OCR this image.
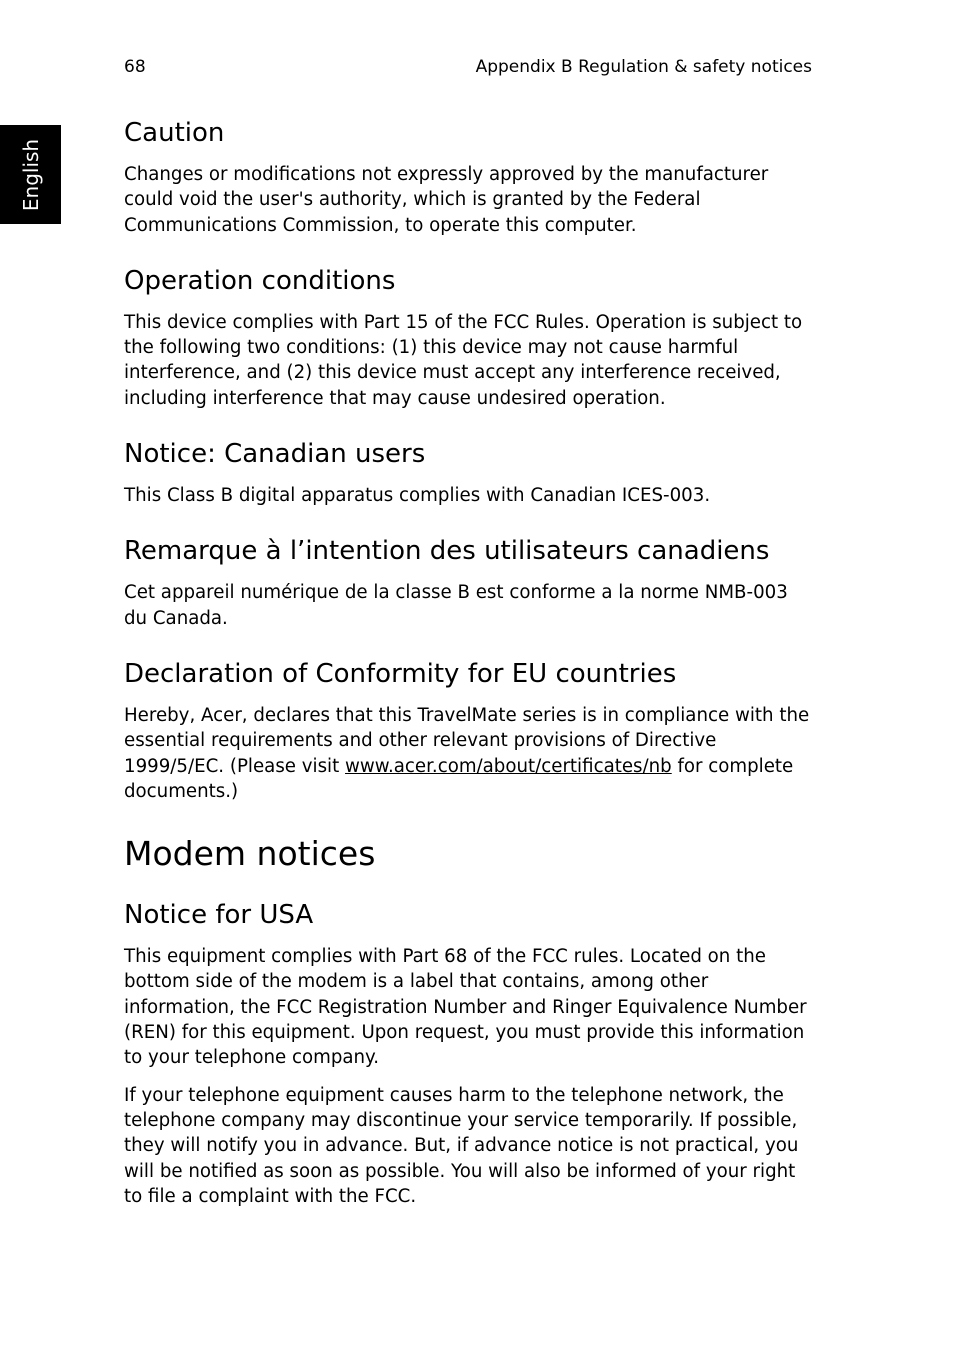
English
68	Appendix B Regulation & safety notices
Caution

Changes or modifications not expressly approved by the manufacturer could void the user's authority, which is granted by the Federal Communications Commission, to operate this computer.

Operation conditions

This device complies with Part 15 of the FCC Rules. Operation is subject to the following two conditions: (1) this device may not cause harmful interference, and (2) this device must accept any interference received, including interference that may cause undesired operation.

Notice: Canadian users

This Class B digital apparatus complies with Canadian ICES-003.

Remarque à l’intention des utilisateurs canadiens

Cet appareil numérique de la classe B est conforme a la norme NMB-003 du Canada.

Declaration of Conformity for EU countries

Hereby, Acer, declares that this TravelMate series is in compliance with the essential requirements and other relevant provisions of Directive 1999/5/EC. (Please visit www.acer.com/about/certificates/nb for complete documents.)

Modem notices
Notice for USA

This equipment complies with Part 68 of the FCC rules. Located on the bottom side of the modem is a label that contains, among other information, the FCC Registration Number and Ringer Equivalence Number (REN) for this equipment. Upon request, you must provide this information to your telephone company.

If your telephone equipment causes harm to the telephone network, the telephone company may discontinue your service temporarily. If possible, they will notify you in advance. But, if advance notice is not practical, you will be notified as soon as possible. You will also be informed of your right to file a complaint with the FCC.
